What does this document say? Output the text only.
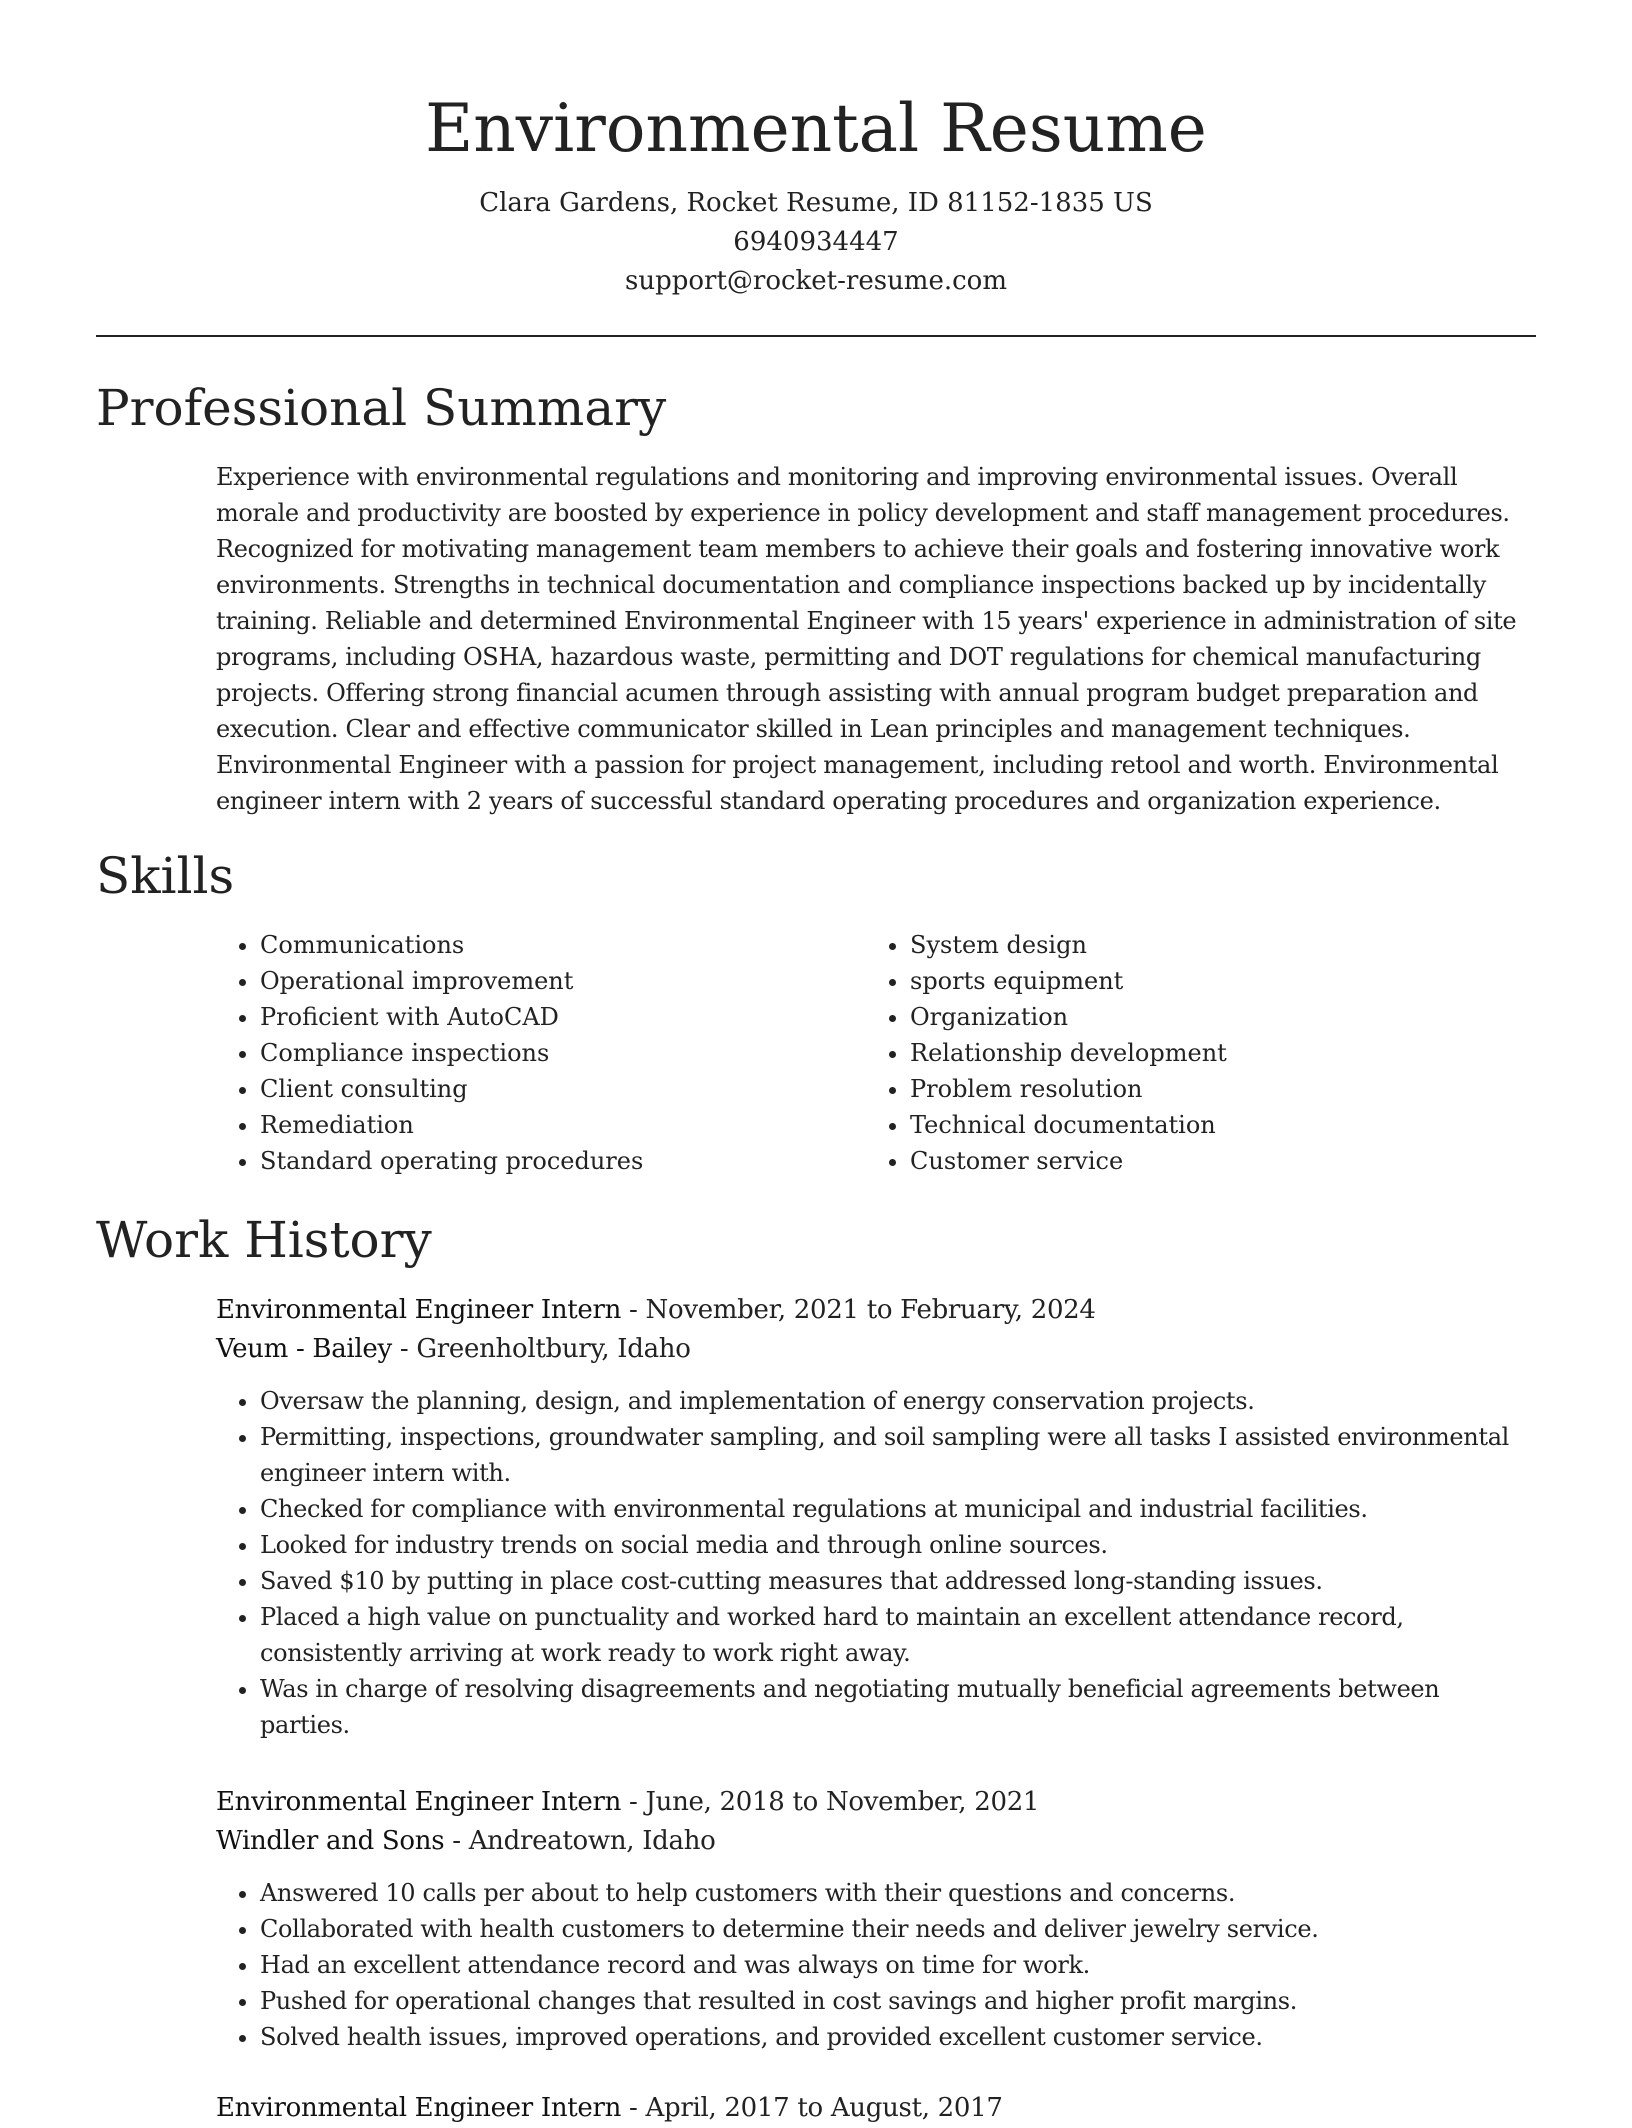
Environmental Resume
Clara Gardens, Rocket Resume, ID 81152-1835 US
6940934447
support@rocket-resume.com
Professional Summary

Experience with environmental regulations and monitoring and improving environmental issues. Overall morale and productivity are boosted by experience in policy development and staff management procedures. Recognized for motivating management team members to achieve their goals and fostering innovative work environments. Strengths in technical documentation and compliance inspections backed up by incidentally training. Reliable and determined Environmental Engineer with 15 years' experience in administration of site programs, including OSHA, hazardous waste, permitting and DOT regulations for chemical manufacturing projects. Offering strong financial acumen through assisting with annual program budget preparation and execution. Clear and effective communicator skilled in Lean principles and management techniques. Environmental Engineer with a passion for project management, including retool and worth. Environmental engineer intern with 2 years of successful standard operating procedures and organization experience.

Skills
• Communications
• Operational improvement
• Proficient with AutoCAD
• Compliance inspections
• Client consulting
• Remediation
• Standard operating procedures
• System design
• sports equipment
• Organization
• Relationship development
• Problem resolution
• Technical documentation
• Customer service
Work History
Environmental Engineer Intern - November, 2021 to February, 2024
Veum - Bailey - Greenholtbury, Idaho
• Oversaw the planning, design, and implementation of energy conservation projects.
• Permitting, inspections, groundwater sampling, and soil sampling were all tasks I assisted environmental engineer intern with.
• Checked for compliance with environmental regulations at municipal and industrial facilities.
• Looked for industry trends on social media and through online sources.
• Saved $10 by putting in place cost-cutting measures that addressed long-standing issues.
• Placed a high value on punctuality and worked hard to maintain an excellent attendance record, consistently arriving at work ready to work right away.
• Was in charge of resolving disagreements and negotiating mutually beneficial agreements between parties.
Environmental Engineer Intern - June, 2018 to November, 2021
Windler and Sons - Andreatown, Idaho
• Answered 10 calls per about to help customers with their questions and concerns.
• Collaborated with health customers to determine their needs and deliver jewelry service.
• Had an excellent attendance record and was always on time for work.
• Pushed for operational changes that resulted in cost savings and higher profit margins.
• Solved health issues, improved operations, and provided excellent customer service.
Environmental Engineer Intern - April, 2017 to August, 2017
